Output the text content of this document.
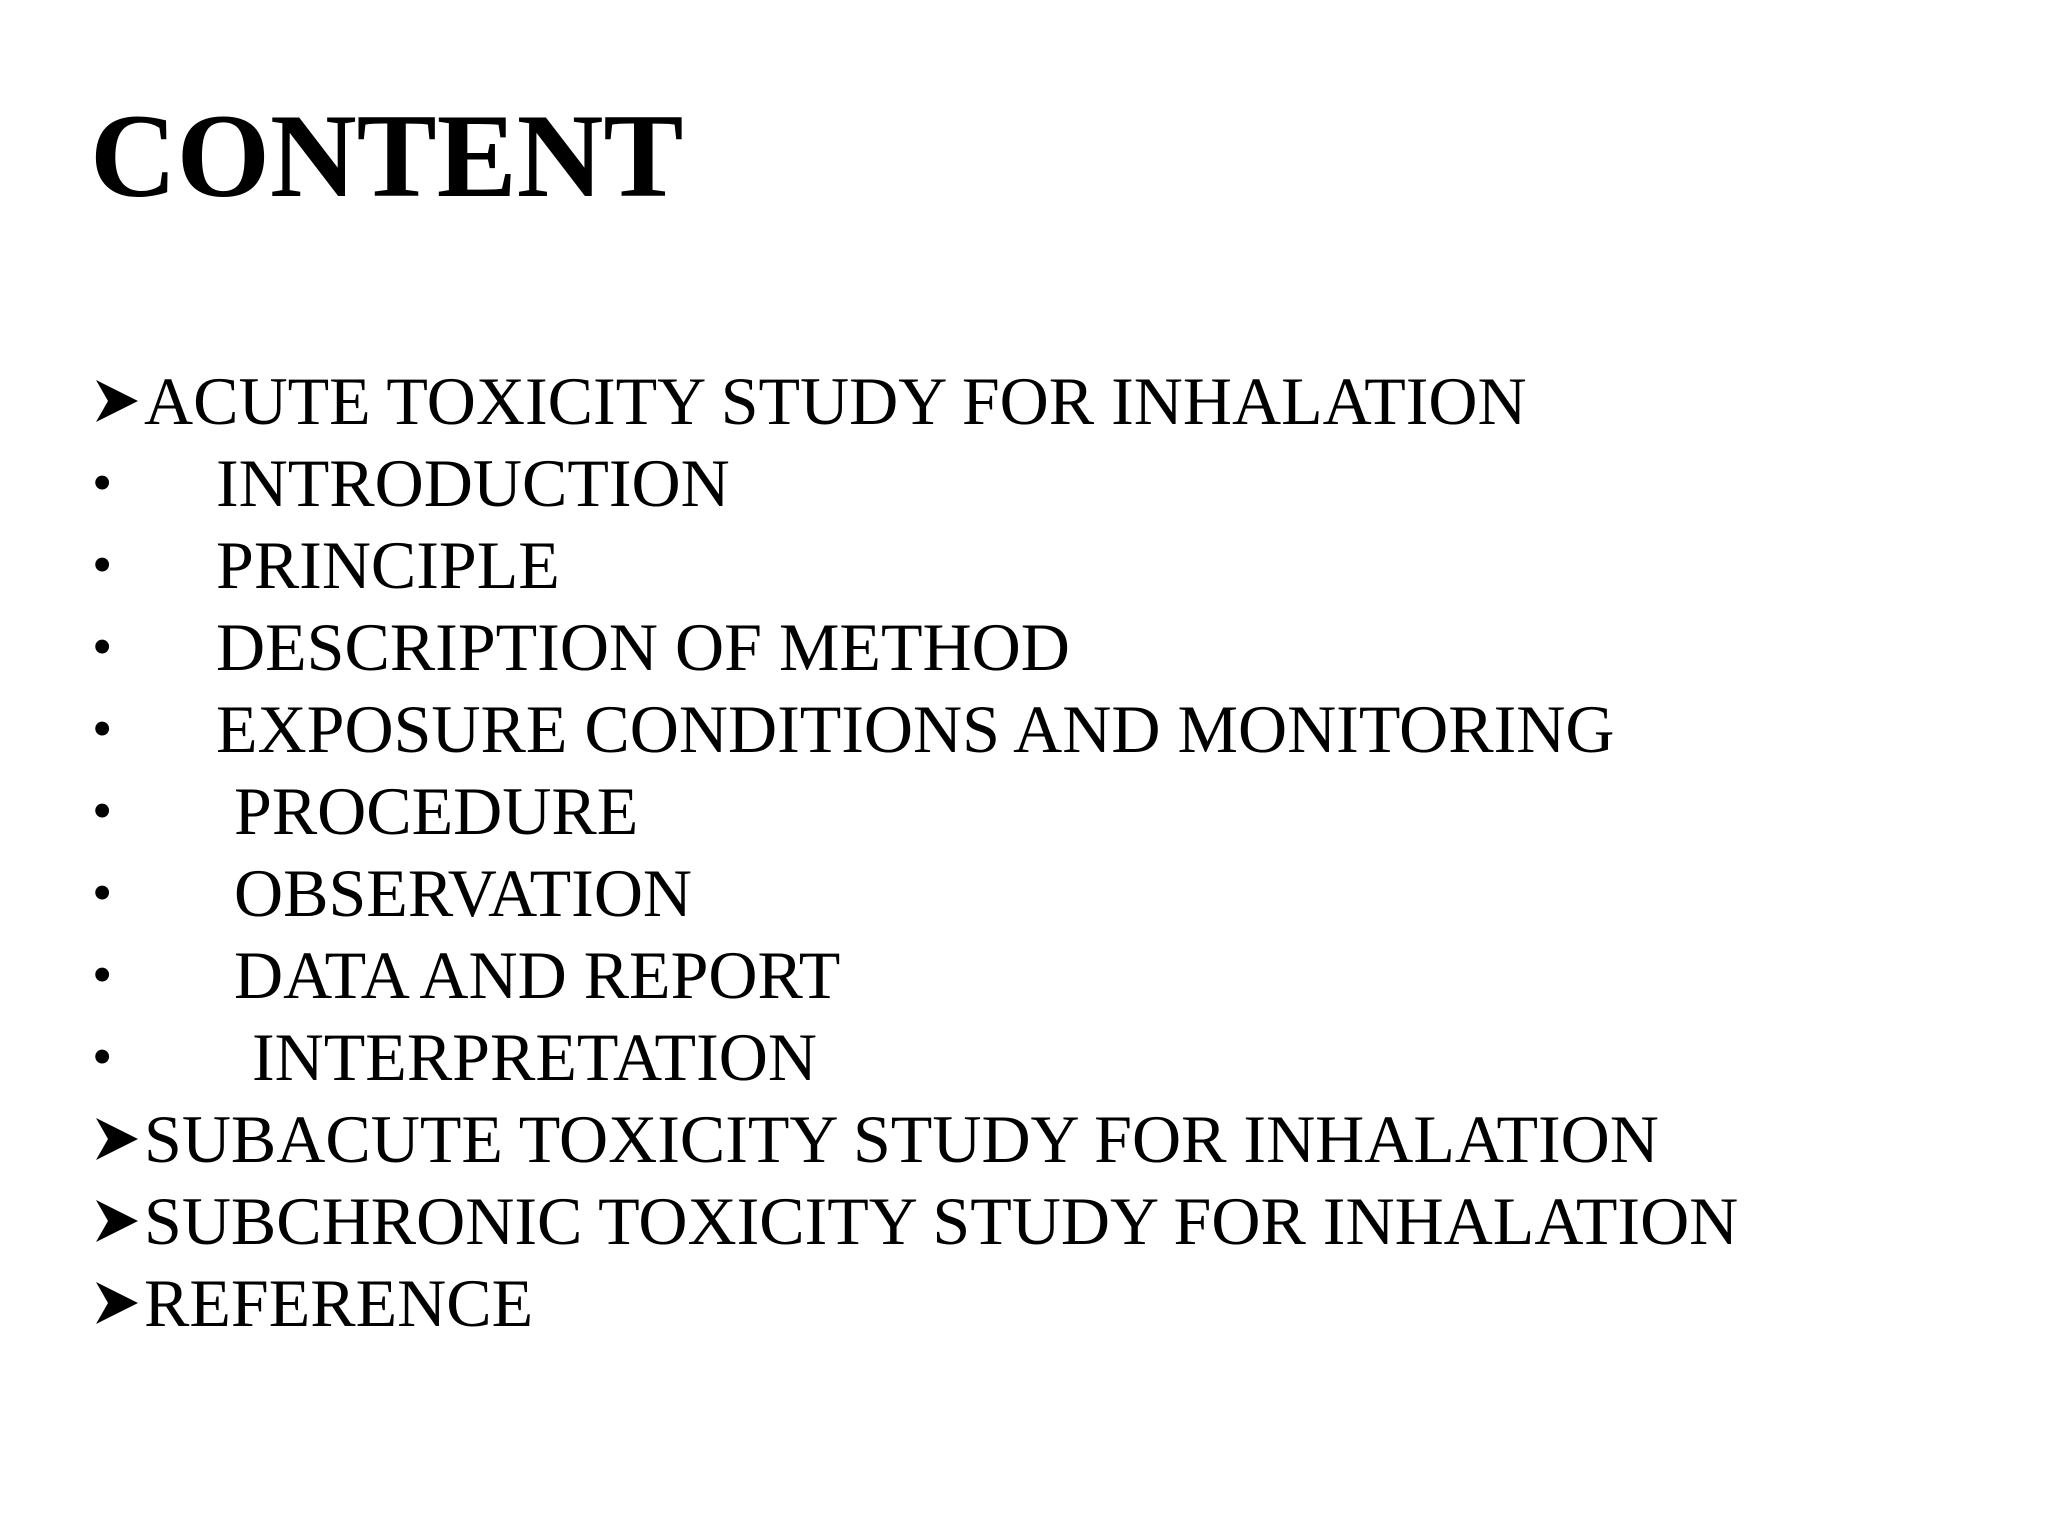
CONTENT
ACUTE TOXICITY STUDY FOR INHALATION
• INTRODUCTION
• PRINCIPLE
• DESCRIPTION OF METHOD
• EXPOSURE CONDITIONS AND MONITORING
• PROCEDURE
• OBSERVATION
• DATA AND REPORT
• INTERPRETATION
SUBACUTE TOXICITY STUDY FOR INHALATION
SUBCHRONIC TOXICITY STUDY FOR INHALATION
REFERENCE
